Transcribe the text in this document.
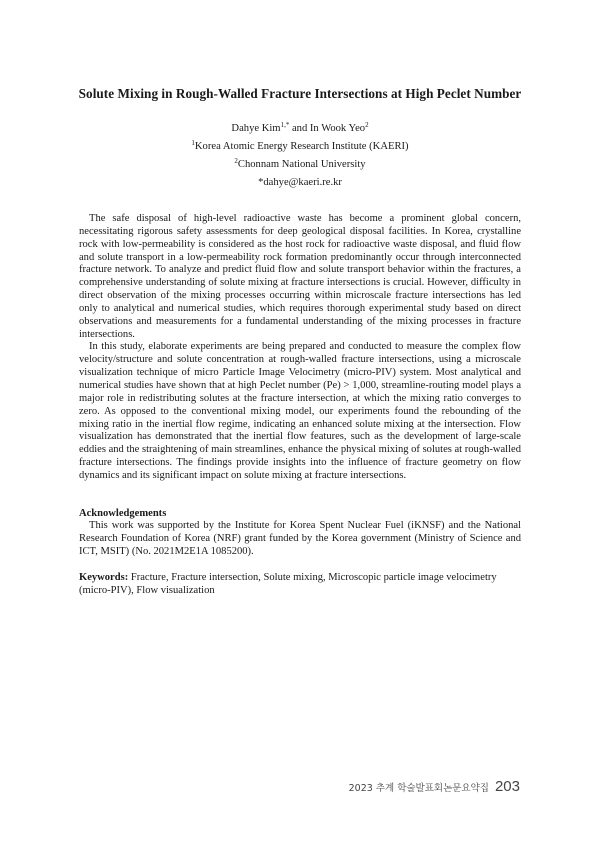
Solute Mixing in Rough-Walled Fracture Intersections at High Peclet Number
Dahye Kim$^{1,*}$ and In Wook Yeo$^2$
$^1$Korea Atomic Energy Research Institute (KAERI)
$^2$Chonnam National University
*dahye@kaeri.re.kr

The safe disposal of high-level radioactive waste has become a prominent global concern, necessitating rigorous safety assessments for deep geological disposal facilities. In Korea, crystalline rock with low-permeability is considered as the host rock for radioactive waste disposal, and fluid flow and solute transport in a low-permeability rock formation predominantly occur through interconnected fracture network. To analyze and predict fluid flow and solute transport behavior within the fractures, a comprehensive understanding of solute mixing at fracture intersections is crucial. However, difficulty in direct observation of the mixing processes occurring within microscale fracture intersections has led only to analytical and numerical studies, which requires thorough experimental study based on direct observations and measurements for a fundamental understanding of the mixing processes in fracture intersections.

In this study, elaborate experiments are being prepared and conducted to measure the complex flow velocity/structure and solute concentration at rough-walled fracture intersections, using a microscale visualization technique of micro Particle Image Velocimetry (micro-PIV) system. Most analytical and numerical studies have shown that at high Peclet number (Pe) > 1,000, streamline-routing model plays a major role in redistributing solutes at the fracture intersection, at which the mixing ratio converges to zero. As opposed to the conventional mixing model, our experiments found the rebounding of the mixing ratio in the inertial flow regime, indicating an enhanced solute mixing at the intersection. Flow visualization has demonstrated that the inertial flow features, such as the development of large-scale eddies and the straightening of main streamlines, enhance the physical mixing of solutes at rough-walled fracture intersections. The findings provide insights into the influence of fracture geometry on flow dynamics and its significant impact on solute mixing at fracture intersections.

Acknowledgements

This work was supported by the Institute for Korea Spent Nuclear Fuel (iKNSF) and the National Research Foundation of Korea (NRF) grant funded by the Korea government (Ministry of Science and ICT, MSIT) (No. 2021M2E1A 1085200).

Keywords: Fracture, Fracture intersection, Solute mixing, Microscopic particle image velocimetry (micro-PIV), Flow visualization
2023 추계 학술발표회논문요약집 203
